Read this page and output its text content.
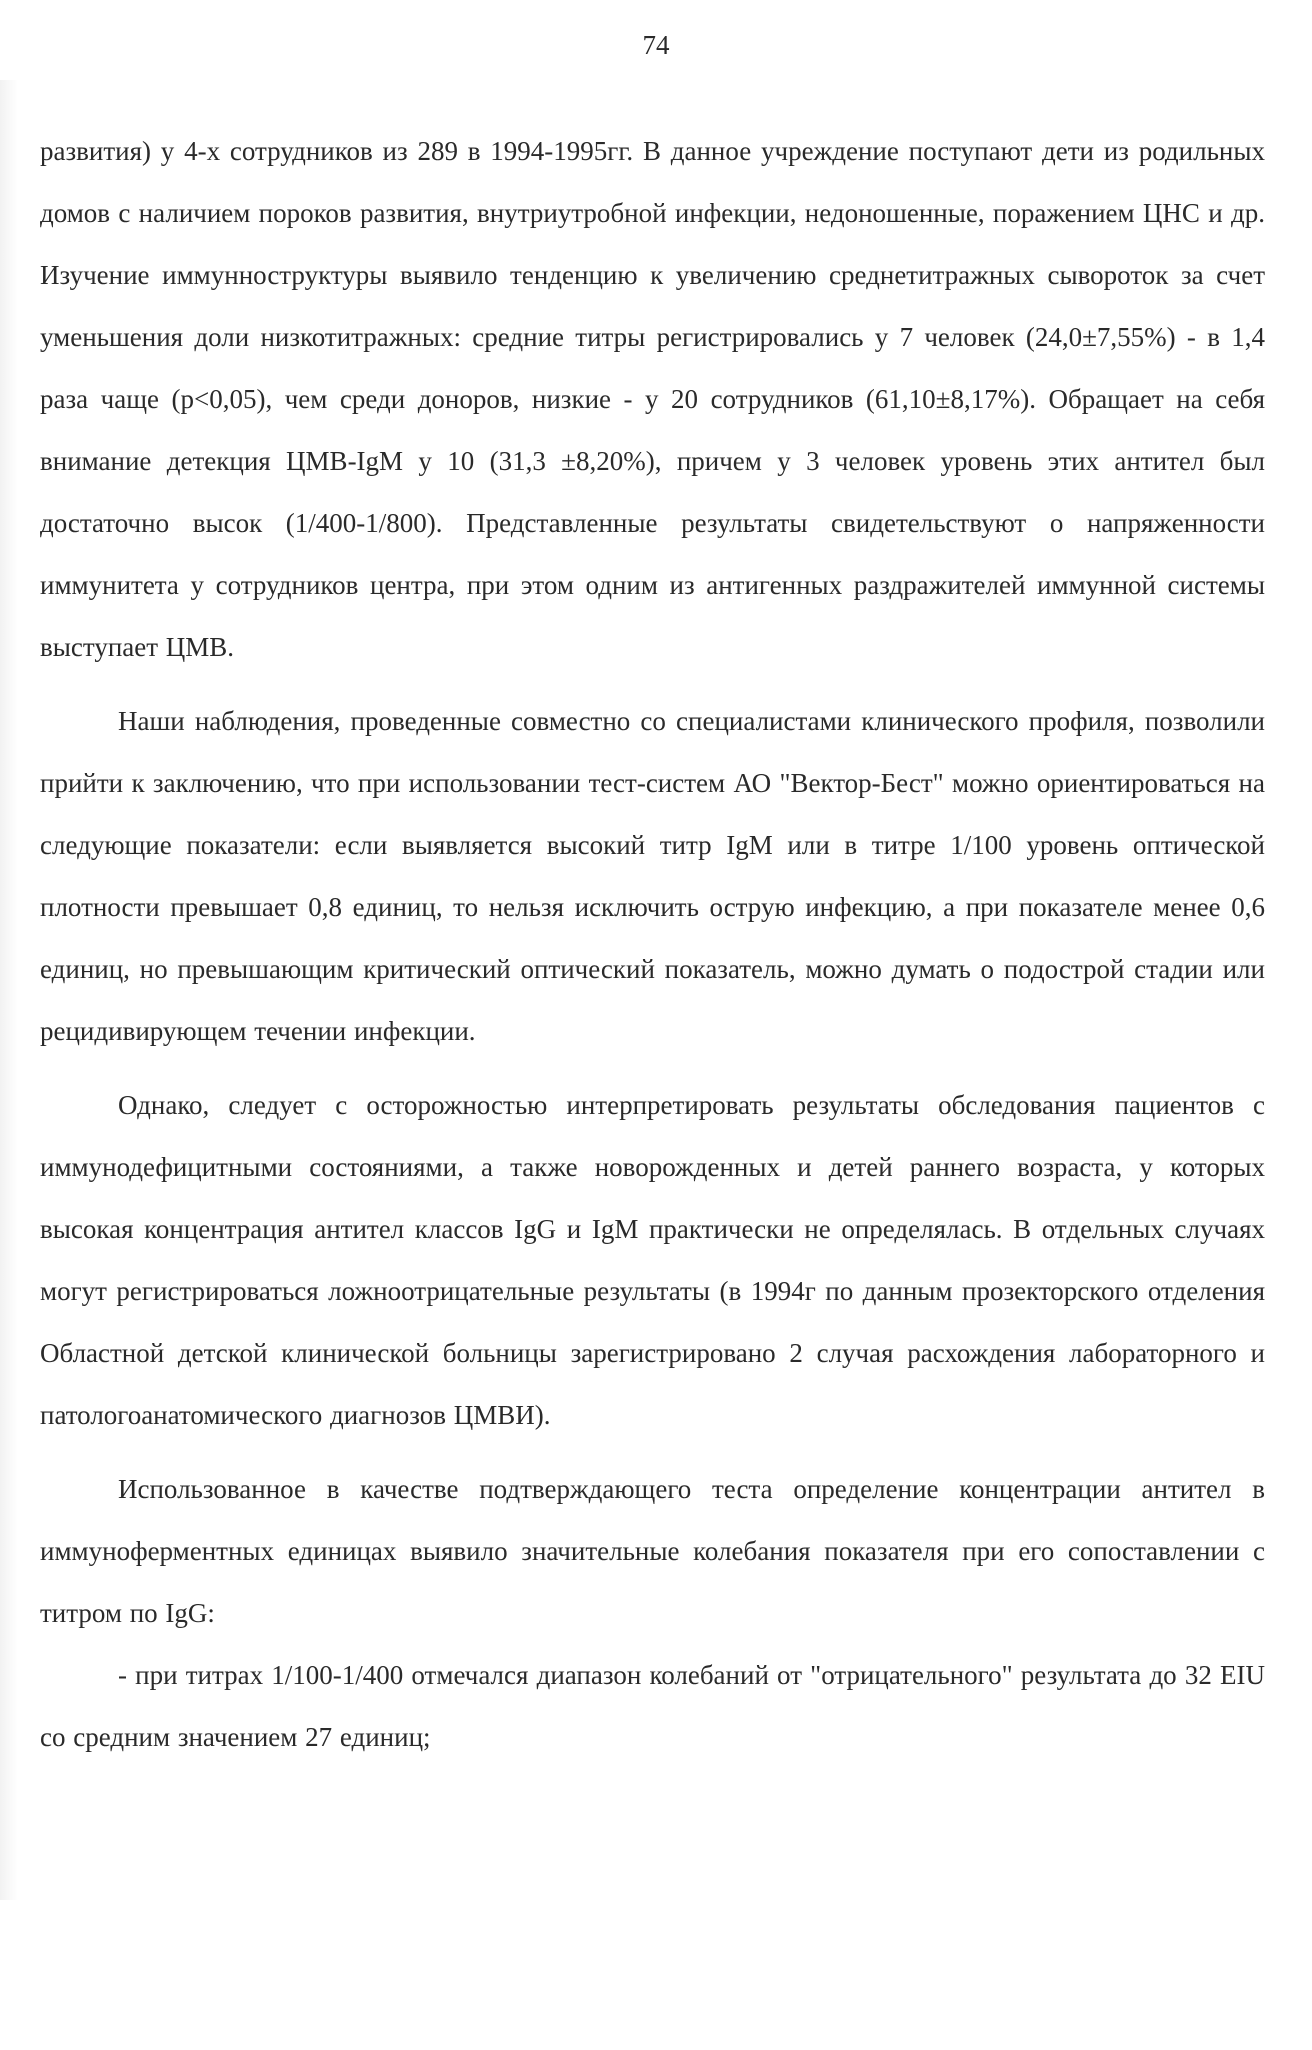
74

развития) у 4-х сотрудников из 289 в 1994-1995гг. В данное учреждение поступают дети из родильных домов с наличием пороков развития, внутриутробной инфекции, недоношенные, поражением ЦНС и др. Изучение иммунноструктуры выявило тенденцию к увеличению среднетитражных сывороток за счет уменьшения доли низкотитражных: средние титры регистрировались у 7 человек (24,0±7,55%) - в 1,4 раза чаще (p<0,05), чем среди доноров, низкие - у 20 сотрудников (61,10±8,17%). Обращает на себя внимание детекция ЦМВ-IgM у 10 (31,3 ±8,20%), причем у 3 человек уровень этих антител был достаточно высок (1/400-1/800). Представленные результаты свидетельствуют о напряженности иммунитета у сотрудников центра, при этом одним из антигенных раздражителей иммунной системы выступает ЦМВ.

Наши наблюдения, проведенные совместно со специалистами клинического профиля, позволили прийти к заключению, что при использовании тест-систем АО "Вектор-Бест" можно ориентироваться на следующие показатели: если выявляется высокий титр IgM или в титре 1/100 уровень оптической плотности превышает 0,8 единиц, то нельзя исключить острую инфекцию, а при показателе менее 0,6 единиц, но превышающим критический оптический показатель, можно думать о подострой стадии или рецидивирующем течении инфекции.

Однако, следует с осторожностью интерпретировать результаты обследования пациентов с иммунодефицитными состояниями, а также новорожденных и детей раннего возраста, у которых высокая концентрация антител классов IgG и IgM практически не определялась. В отдельных случаях могут регистрироваться ложноотрицательные результаты (в 1994г по данным прозекторского отделения Областной детской клинической больницы зарегистрировано 2 случая расхождения лабораторного и патологоанатомического диагнозов ЦМВИ).

Использованное в качестве подтверждающего теста определение концентрации антител в иммуноферментных единицах выявило значительные колебания показателя при его сопоставлении с титром по IgG:

- при титрах 1/100-1/400 отмечался диапазон колебаний от "отрицательного" результата до 32 EIU со средним значением 27 единиц;
